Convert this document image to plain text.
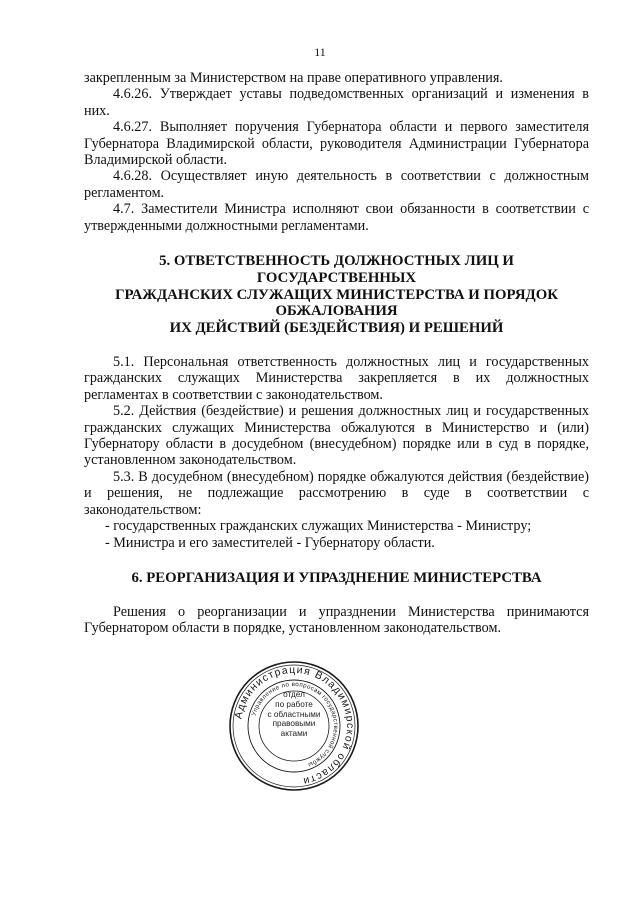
11

закрепленным за Министерством на праве оперативного управления.

4.6.26. Утверждает уставы подведомственных организаций и изменения в них.

4.6.27. Выполняет поручения Губернатора области и первого заместителя Губернатора Владимирской области, руководителя Администрации Губернатора Владимирской области.

4.6.28. Осуществляет иную деятельность в соответствии с должностным регламентом.

4.7. Заместители Министра исполняют свои обязанности в соответствии с утвержденными должностными регламентами.

5. ОТВЕТСТВЕННОСТЬ ДОЛЖНОСТНЫХ ЛИЦ И

ГОСУДАРСТВЕННЫХ

ГРАЖДАНСКИХ СЛУЖАЩИХ МИНИСТЕРСТВА И ПОРЯДОК

ОБЖАЛОВАНИЯ

ИХ ДЕЙСТВИЙ (БЕЗДЕЙСТВИЯ) И РЕШЕНИЙ

5.1. Персональная ответственность должностных лиц и государственных гражданских служащих Министерства закрепляется в их должностных регламентах в соответствии с законодательством.

5.2. Действия (бездействие) и решения должностных лиц и государственных гражданских служащих Министерства обжалуются в Министерство и (или) Губернатору области в досудебном (внесудебном) порядке или в суд в порядке, установленном законодательством.

5.3. В досудебном (внесудебном) порядке обжалуются действия (бездействие) и решения, не подлежащие рассмотрению в суде в соответствии с законодательством:

- государственных гражданских служащих Министерства - Министру;

- Министра и его заместителей - Губернатору области.

6. РЕОРГАНИЗАЦИЯ И УПРАЗДНЕНИЕ МИНИСТЕРСТВА

Решения о реорганизации и упразднении Министерства принимаются Губернатором области в порядке, установленном законодательством.

Администрация Владимирской области
Управление по вопросам государственной службы
отдел
по работе
с областными
правовыми
актами
